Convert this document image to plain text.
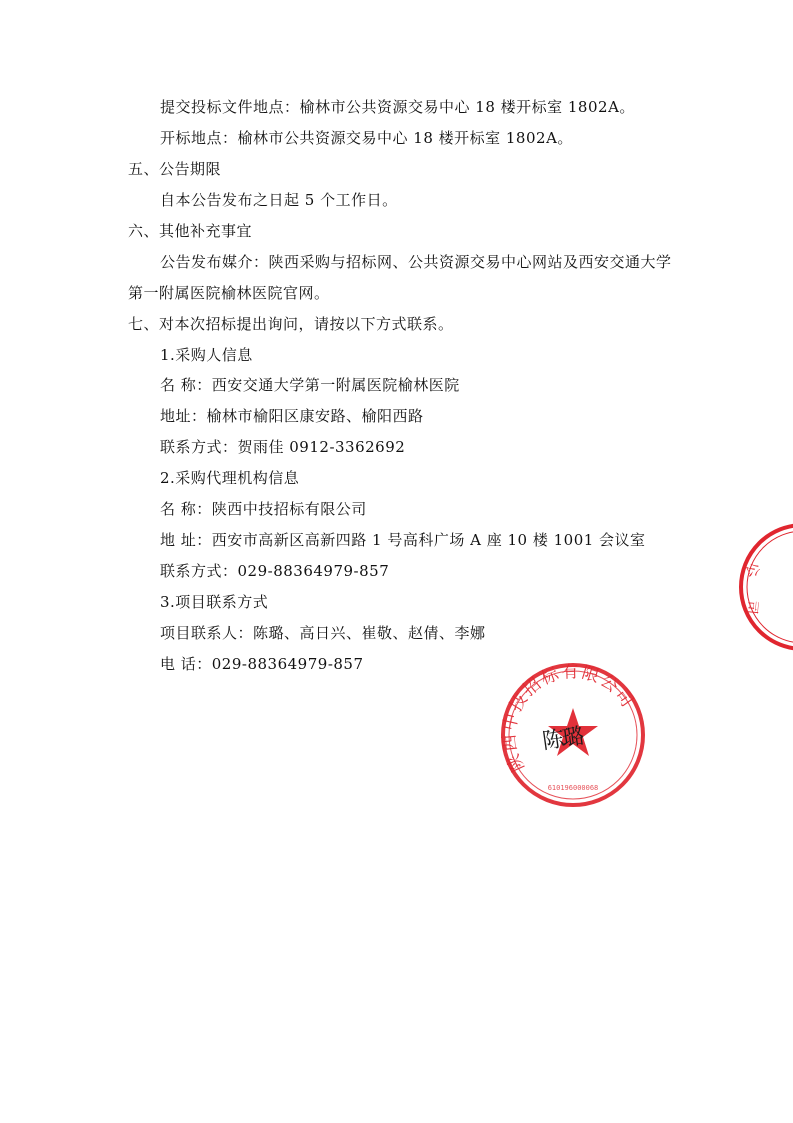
提交投标文件地点：榆林市公共资源交易中心 18 楼开标室 1802A。
开标地点：榆林市公共资源交易中心 18 楼开标室 1802A。
五、公告期限
自本公告发布之日起 5 个工作日。
六、其他补充事宜
公告发布媒介：陕西采购与招标网、公共资源交易中心网站及西安交通大学
第一附属医院榆林医院官网。
七、对本次招标提出询问，请按以下方式联系。
1.采购人信息
名 称：西安交通大学第一附属医院榆林医院
地址：榆林市榆阳区康安路、榆阳西路
联系方式：贺雨佳 0912-3362692
2.采购代理机构信息
名 称：陕西中技招标有限公司
地 址：西安市高新区高新四路 1 号高科广场 A 座 10 楼 1001 会议室
联系方式：029-88364979-857
3.项目联系方式
项目联系人：陈璐、高日兴、崔敬、赵倩、李娜
电 话：029-88364979-857
公
司
陕西中技招标有限公司
610196000068
陈璐
